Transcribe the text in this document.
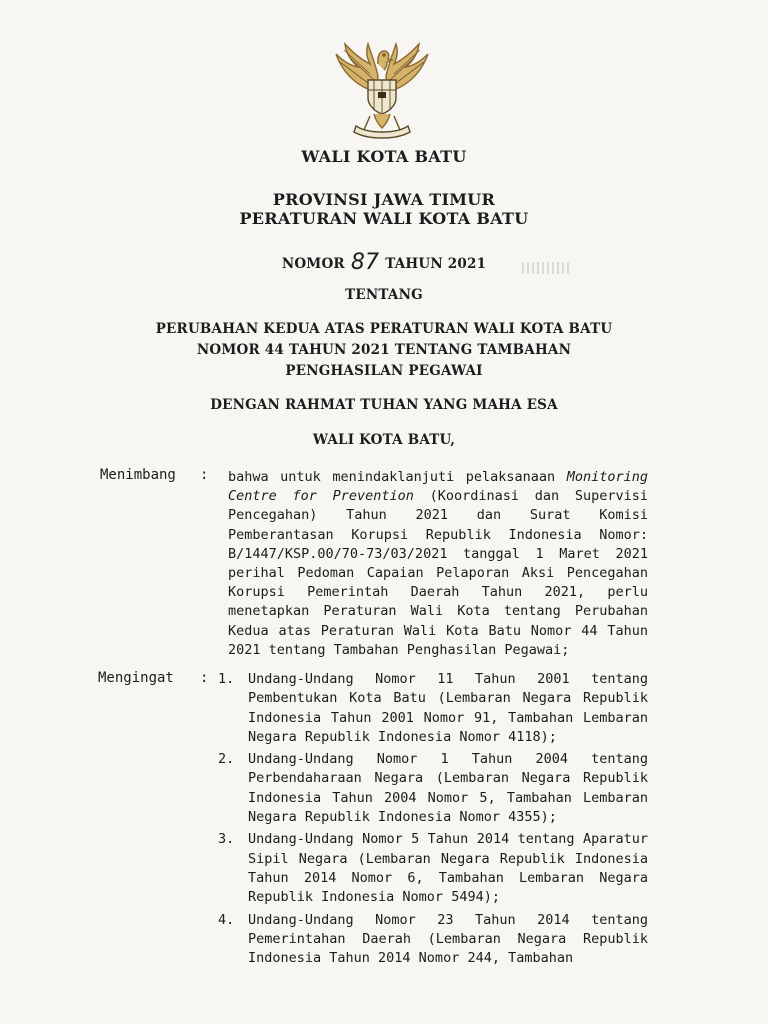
WALI KOTA BATU
PROVINSI JAWA TIMUR
PERATURAN WALI KOTA BATU
NOMOR 87 TAHUN 2021
TENTANG
PERUBAHAN KEDUA ATAS PERATURAN WALI KOTA BATU
NOMOR 44 TAHUN 2021 TENTANG TAMBAHAN
PENGHASILAN PEGAWAI
DENGAN RAHMAT TUHAN YANG MAHA ESA
WALI KOTA BATU,
Menimbang : bahwa untuk menindaklanjuti pelaksanaan Monitoring Centre for Prevention (Koordinasi dan Supervisi Pencegahan) Tahun 2021 dan Surat Komisi Pemberantasan Korupsi Republik Indonesia Nomor: B/1447/KSP.00/70-73/03/2021 tanggal 1 Maret 2021 perihal Pedoman Capaian Pelaporan Aksi Pencegahan Korupsi Pemerintah Daerah Tahun 2021, perlu menetapkan Peraturan Wali Kota tentang Perubahan Kedua atas Peraturan Wali Kota Batu Nomor 44 Tahun 2021 tentang Tambahan Penghasilan Pegawai;
Mengingat : 1.	Undang-Undang Nomor 11 Tahun 2001 tentang Pembentukan Kota Batu (Lembaran Negara Republik Indonesia Tahun 2001 Nomor 91, Tambahan Lembaran Negara Republik Indonesia Nomor 4118);
2.	Undang-Undang Nomor 1 Tahun 2004 tentang Perbendaharaan Negara (Lembaran Negara Republik Indonesia Tahun 2004 Nomor 5, Tambahan Lembaran Negara Republik Indonesia Nomor 4355);
3.	Undang-Undang Nomor 5 Tahun 2014 tentang Aparatur Sipil Negara (Lembaran Negara Republik Indonesia Tahun 2014 Nomor 6, Tambahan Lembaran Negara Republik Indonesia Nomor 5494);
4.	Undang-Undang Nomor 23 Tahun 2014 tentang Pemerintahan Daerah (Lembaran Negara Republik Indonesia Tahun 2014 Nomor 244, Tambahan
